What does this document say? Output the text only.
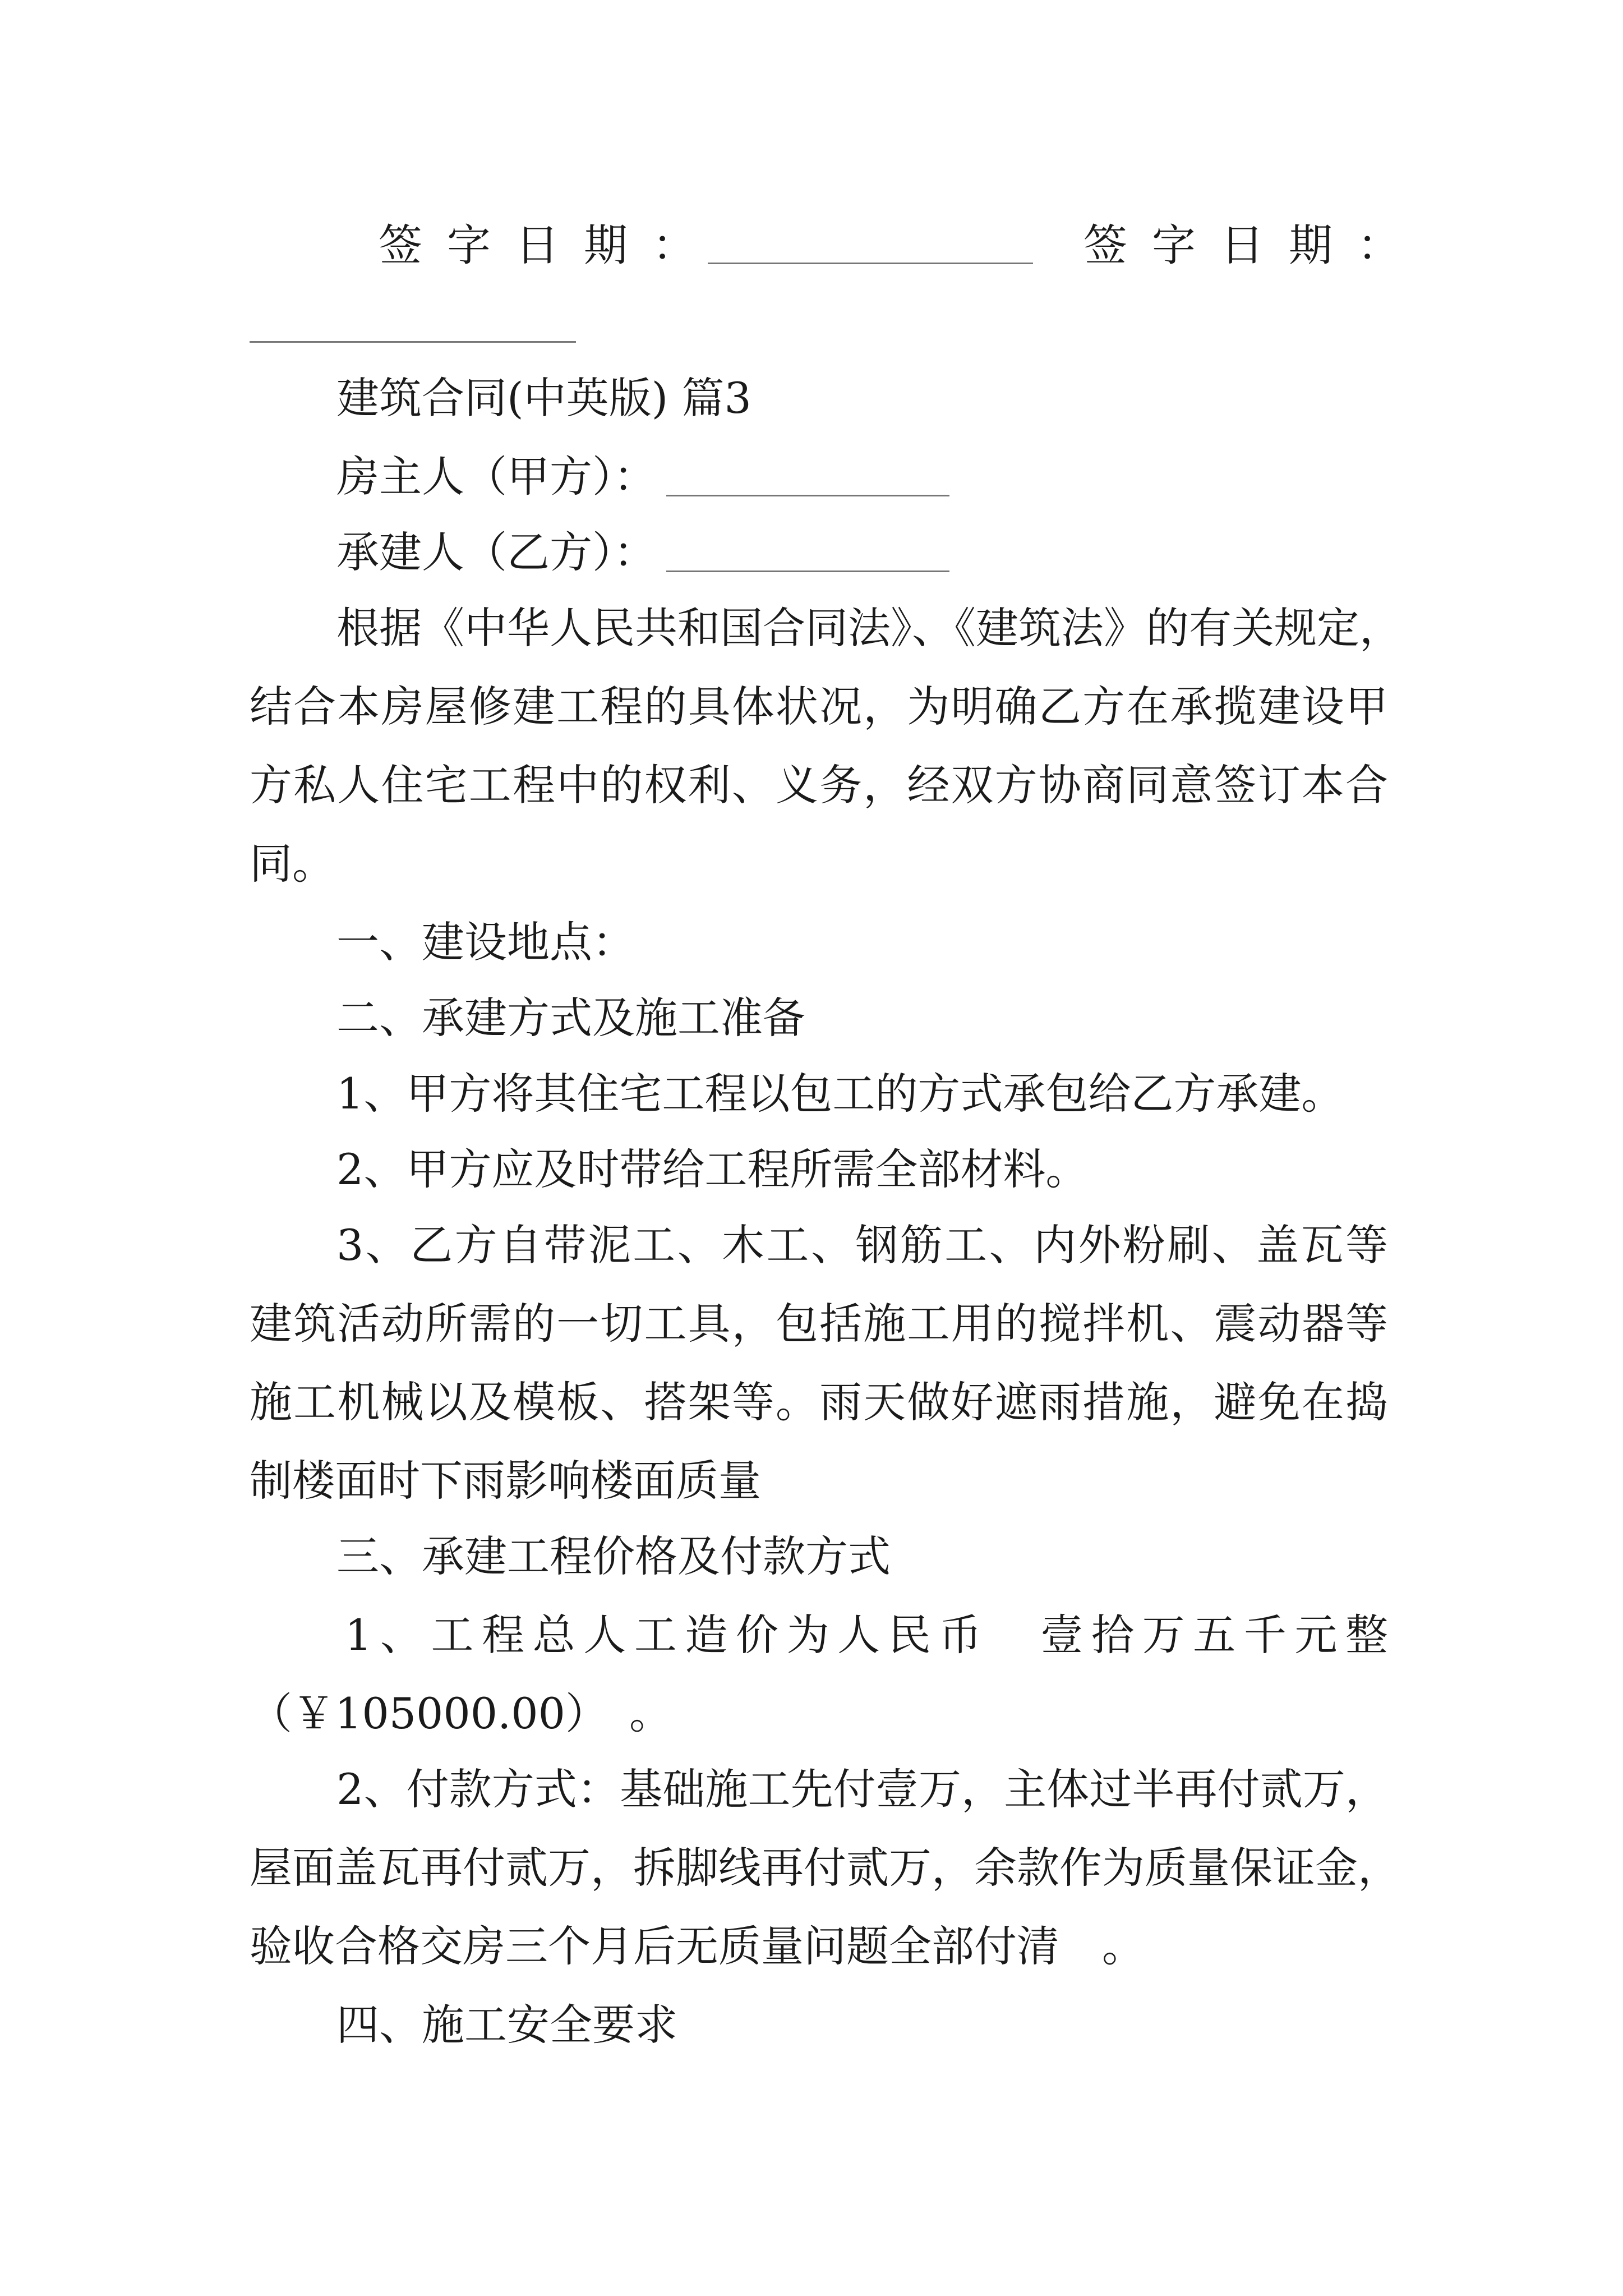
签字日期：	签字日期：
建筑合同(中英版) 篇3
房主人（甲方）：
承建人（乙方）：
根据《中华人民共和国合同法》、《建筑法》的有关规定，
结合本房屋修建工程的具体状况，为明确乙方在承揽建设甲
方私人住宅工程中的权利、义务，经双方协商同意签订本合
同。
一、建设地点：
二、承建方式及施工准备
1、甲方将其住宅工程以包工的方式承包给乙方承建。
2、甲方应及时带给工程所需全部材料。
3、乙方自带泥工、木工、钢筋工、内外粉刷、盖瓦等
建筑活动所需的一切工具，包括施工用的搅拌机、震动器等
施工机械以及模板、搭架等。雨天做好遮雨措施，避免在捣
制楼面时下雨影响楼面质量
三、承建工程价格及付款方式
1、工程总人工造价为人民币　壹拾万五千元整
（￥105000.00）　。
2、付款方式：基础施工先付壹万，主体过半再付贰万，
屋面盖瓦再付贰万，拆脚线再付贰万，余款作为质量保证金，
验收合格交房三个月后无质量问题全部付清　。
四、施工安全要求
